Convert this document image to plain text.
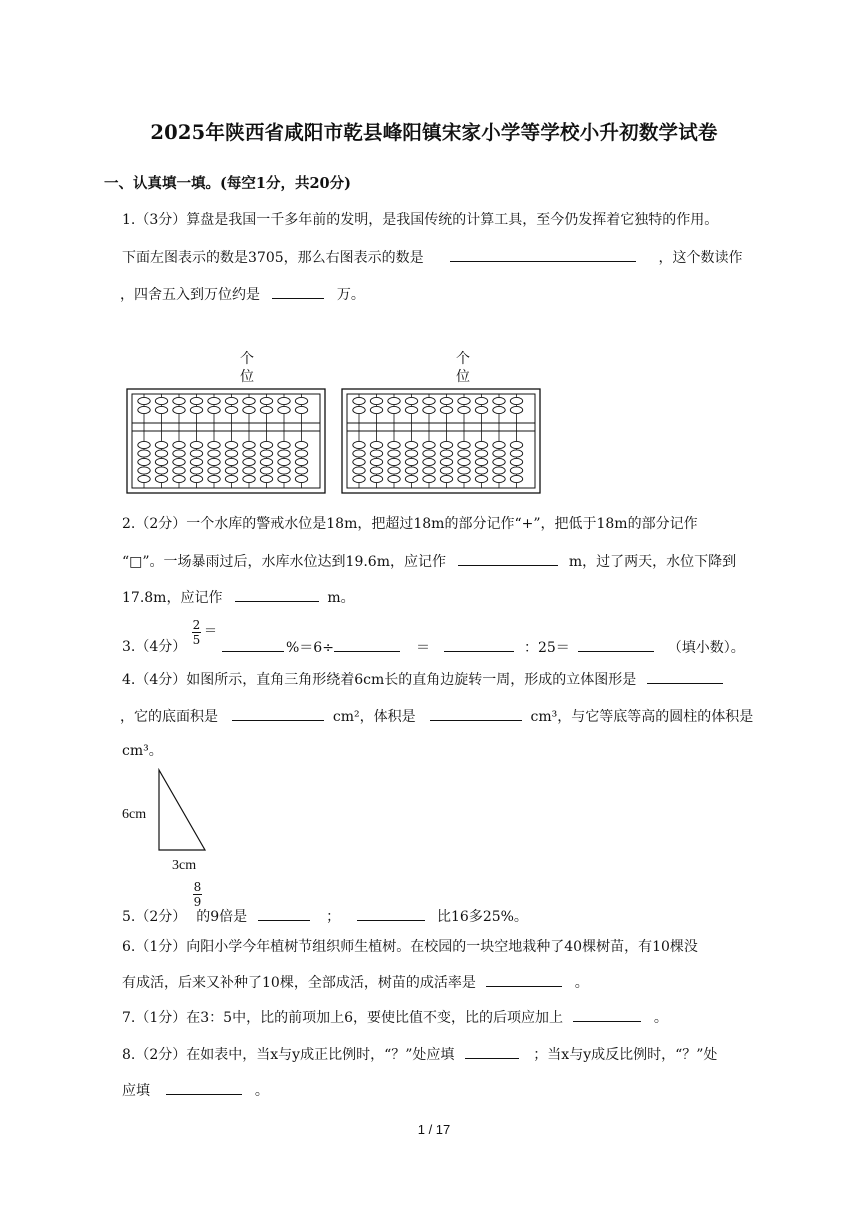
2025年陕西省咸阳市乾县峰阳镇宋家小学等学校小升初数学试卷
一、认真填一填。(每空1分，共20分)
1.（3分）算盘是我国一千多年前的发明，是我国传统的计算工具，至今仍发挥着它独特的作用。
下面左图表示的数是3705，那么右图表示的数是	，这个数读作
，四舍五入到万位约是	万。
个
位
个
位
2.（2分）一个水库的警戒水位是18m，把超过18m的部分记作“+”，把低于18m的部分记作
“□”。一场暴雨过后，水库水位达到19.6m，应记作	m，过了两天，水位下降到
17.8m，应记作	m。
3.（4分）
2
5
＝
%＝6÷	＝	：25＝	（填小数）。
4.（4分）如图所示，直角三角形绕着6cm长的直角边旋转一周，形成的立体图形是
，它的底面积是	cm²，体积是	cm³，与它等底等高的圆柱的体积是
cm³。
6cm
3cm
8
9
5.（2分） 的9倍是	；	比16多25%。
6.（1分）向阳小学今年植树节组织师生植树。在校园的一块空地栽种了40棵树苗，有10棵没
有成活，后来又补种了10棵，全部成活，树苗的成活率是	。
7.（1分）在3：5中，比的前项加上6，要使比值不变，比的后项应加上	。
8.（2分）在如表中，当x与y成正比例时，“？”处应填	；当x与y成反比例时，“？”处
应填	。
1 / 17
